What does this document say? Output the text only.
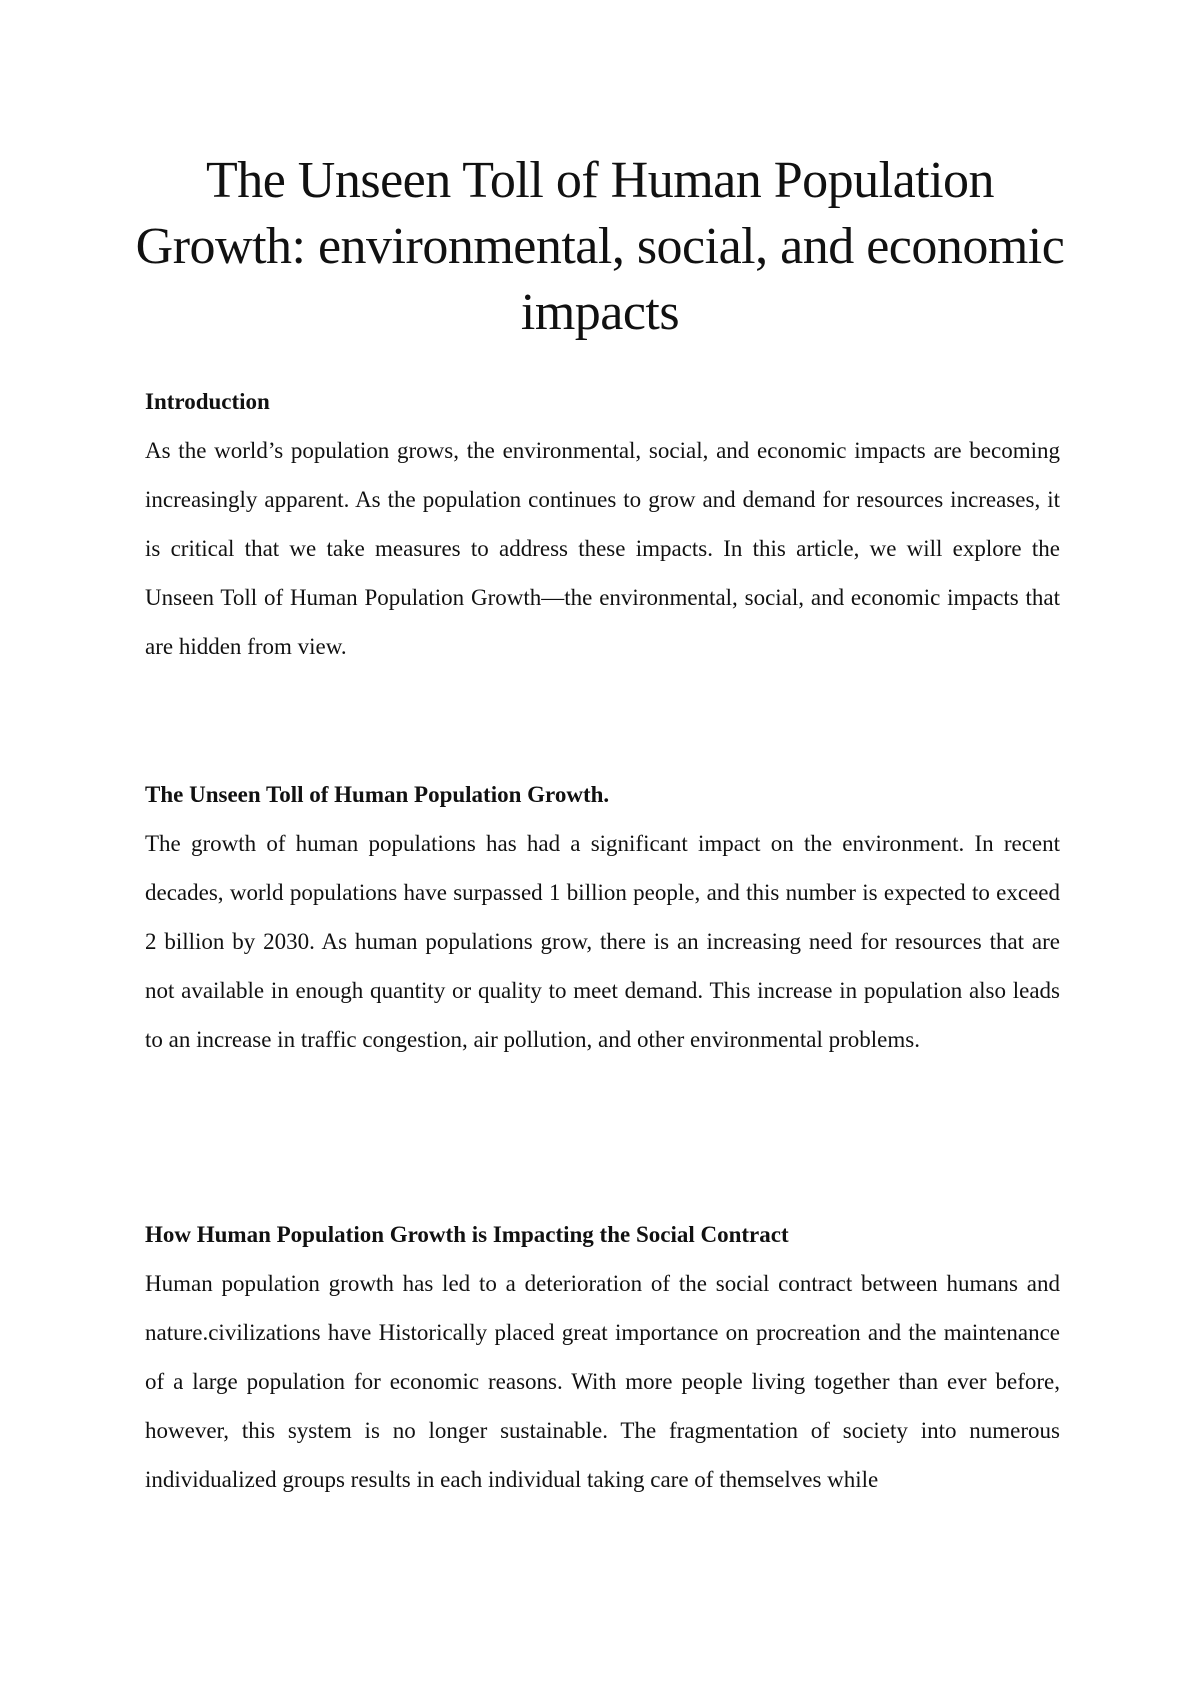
The Unseen Toll of Human Population Growth: environmental, social, and economic impacts
Introduction

As the world’s population grows, the environmental, social, and economic impacts are becoming increasingly apparent. As the population continues to grow and demand for resources increases, it is critical that we take measures to address these impacts. In this article, we will explore the Unseen Toll of Human Population Growth—the environmental, social, and economic impacts that are hidden from view.

The Unseen Toll of Human Population Growth.

The growth of human populations has had a significant impact on the environment. In recent decades, world populations have surpassed 1 billion people, and this number is expected to exceed 2 billion by 2030. As human populations grow, there is an increasing need for resources that are not available in enough quantity or quality to meet demand. This increase in population also leads to an increase in traffic congestion, air pollution, and other environmental problems.

How Human Population Growth is Impacting the Social Contract

Human population growth has led to a deterioration of the social contract between humans and nature.civilizations have Historically placed great importance on procreation and the maintenance of a large population for economic reasons. With more people living together than ever before, however, this system is no longer sustainable. The fragmentation of society into numerous individualized groups results in each individual taking care of themselves while
